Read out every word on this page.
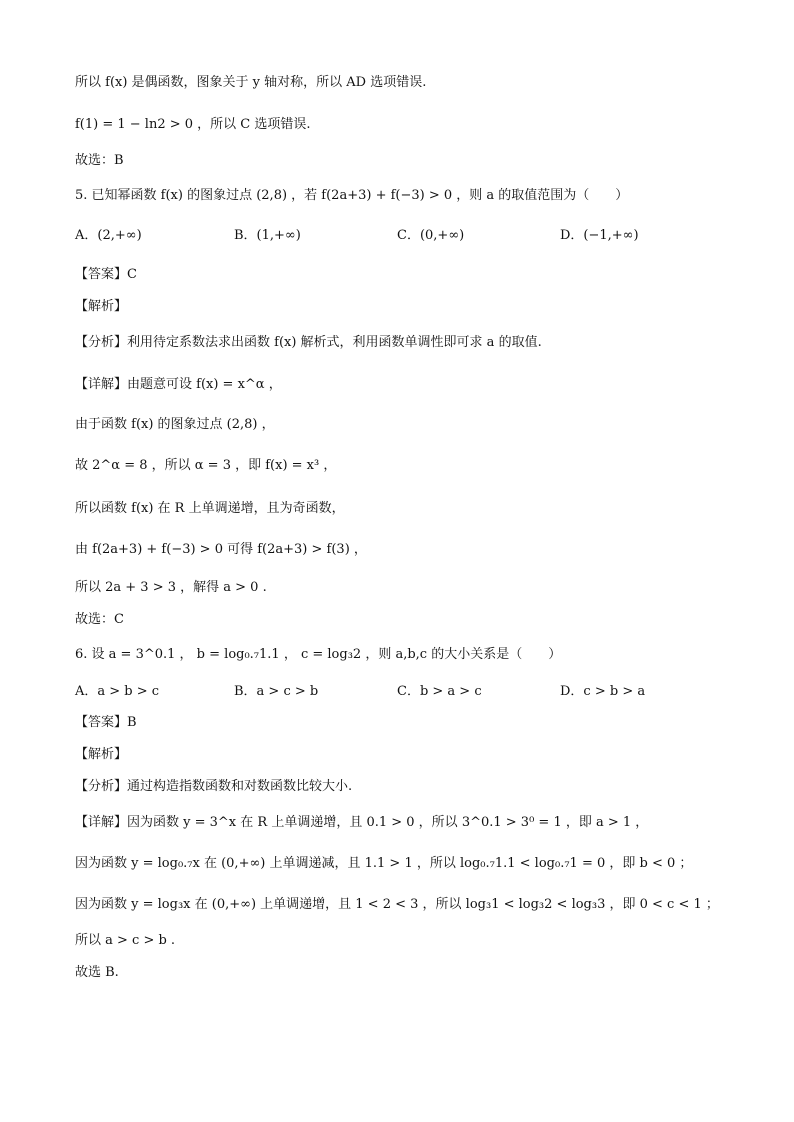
所以 f(x) 是偶函数，图象关于 y 轴对称，所以 AD 选项错误.
f(1) = 1 − ln2 > 0 ，所以 C 选项错误.
故选：B
5. 已知幂函数 f(x) 的图象过点 (2,8) ，若 f(2a+3) + f(−3) > 0 ，则 a 的取值范围为（　　）
A．(2,+∞)	B．(1,+∞)	C．(0,+∞)	D．(−1,+∞)
【答案】C
【解析】
【分析】利用待定系数法求出函数 f(x) 解析式，利用函数单调性即可求 a 的取值.
【详解】由题意可设 f(x) = x^α ，
由于函数 f(x) 的图象过点 (2,8) ，
故 2^α = 8 ，所以 α = 3 ，即 f(x) = x³ ，
所以函数 f(x) 在 R 上单调递增，且为奇函数，
由 f(2a+3) + f(−3) > 0 可得 f(2a+3) > f(3) ，
所以 2a + 3 > 3 ，解得 a > 0 .
故选：C
6. 设 a = 3^0.1 ， b = log₀.₇1.1 ， c = log₃2 ，则 a,b,c 的大小关系是（　　）
A．a > b > c	B．a > c > b	C．b > a > c	D．c > b > a
【答案】B
【解析】
【分析】通过构造指数函数和对数函数比较大小.
【详解】因为函数 y = 3^x 在 R 上单调递增，且 0.1 > 0 ，所以 3^0.1 > 3⁰ = 1 ，即 a > 1 ，
因为函数 y = log₀.₇x 在 (0,+∞) 上单调递减，且 1.1 > 1 ，所以 log₀.₇1.1 < log₀.₇1 = 0 ，即 b < 0 ；
因为函数 y = log₃x 在 (0,+∞) 上单调递增，且 1 < 2 < 3 ，所以 log₃1 < log₃2 < log₃3 ，即 0 < c < 1 ；
所以 a > c > b .
故选 B.
